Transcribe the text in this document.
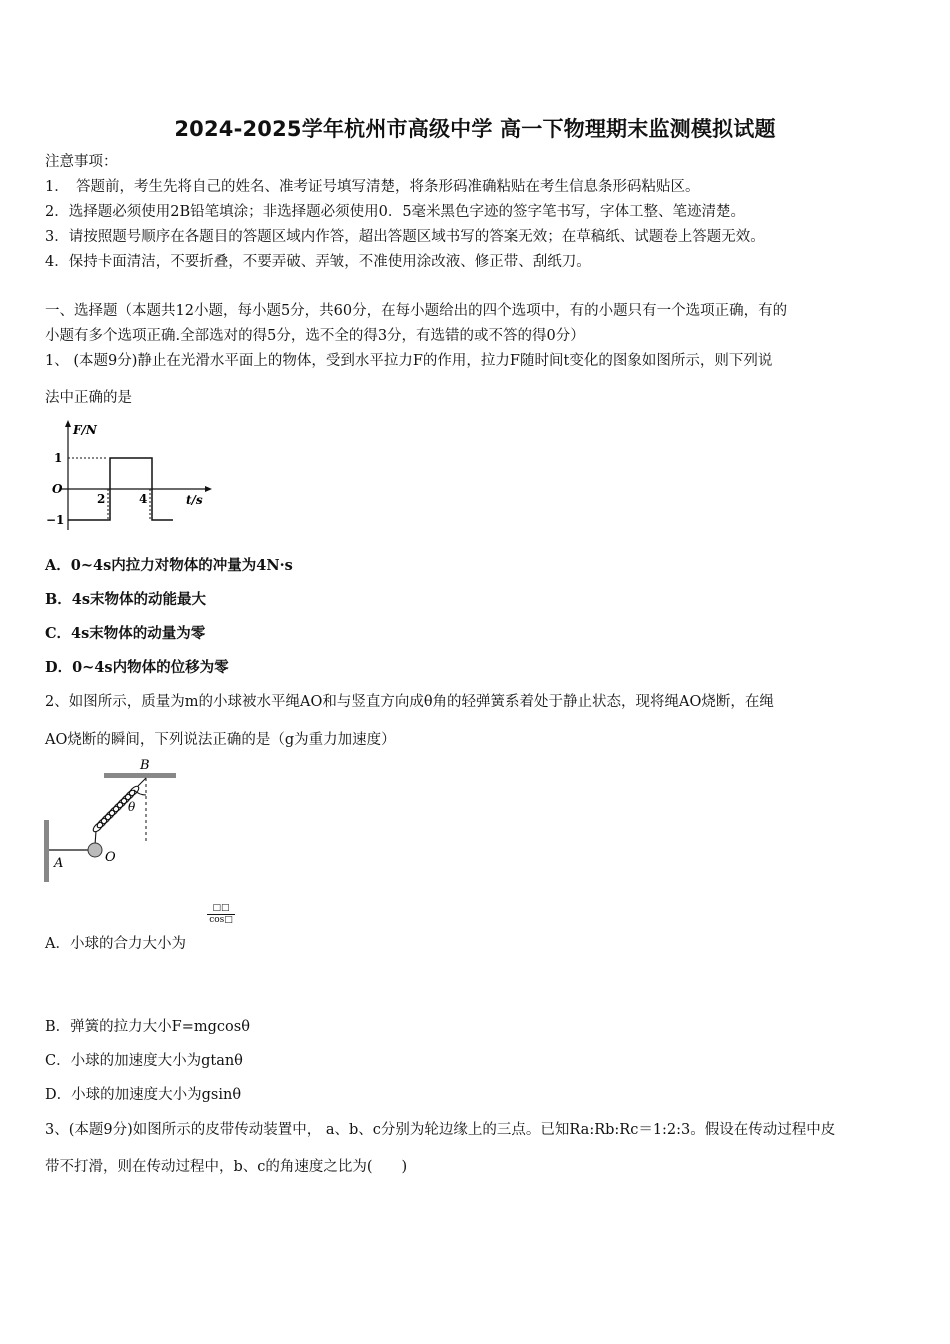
2024-2025学年杭州市高级中学 高一下物理期末监测模拟试题
注意事项：
1．　答题前，考生先将自己的姓名、准考证号填写清楚，将条形码准确粘贴在考生信息条形码粘贴区。
2．选择题必须使用2B铅笔填涂；非选择题必须使用0．5毫米黑色字迹的签字笔书写，字体工整、笔迹清楚。
3．请按照题号顺序在各题目的答题区域内作答，超出答题区域书写的答案无效；在草稿纸、试题卷上答题无效。
4．保持卡面清洁，不要折叠，不要弄破、弄皱，不准使用涂改液、修正带、刮纸刀。
一、选择题（本题共12小题，每小题5分，共60分，在每小题给出的四个选项中，有的小题只有一个选项正确，有的
小题有多个选项正确.全部选对的得5分，选不全的得3分，有选错的或不答的得0分）
1、 (本题9分)静止在光滑水平面上的物体，受到水平拉力F的作用，拉力F随时间t变化的图象如图所示，则下列说
法中正确的是
F/N
1
O
−1
2	4	t/s
A．0~4s内拉力对物体的冲量为4N·s
B．4s末物体的动能最大
C．4s末物体的动量为零
D．0~4s内物体的位移为零
2、如图所示，质量为m的小球被水平绳AO和与竖直方向成θ角的轻弹簧系着处于静止状态，现将绳AO烧断，在绳
AO烧断的瞬间，下列说法正确的是（g为重力加速度）
B
θ
A	O
□□
cos□
A．小球的合力大小为
B．弹簧的拉力大小F=mgcosθ
C．小球的加速度大小为gtanθ
D．小球的加速度大小为gsinθ
3、(本题9分)如图所示的皮带传动装置中， a、b、c分别为轮边缘上的三点。已知Ra:Rb:Rc＝1:2:3。假设在传动过程中皮
带不打滑，则在传动过程中，b、c的角速度之比为(　　)
